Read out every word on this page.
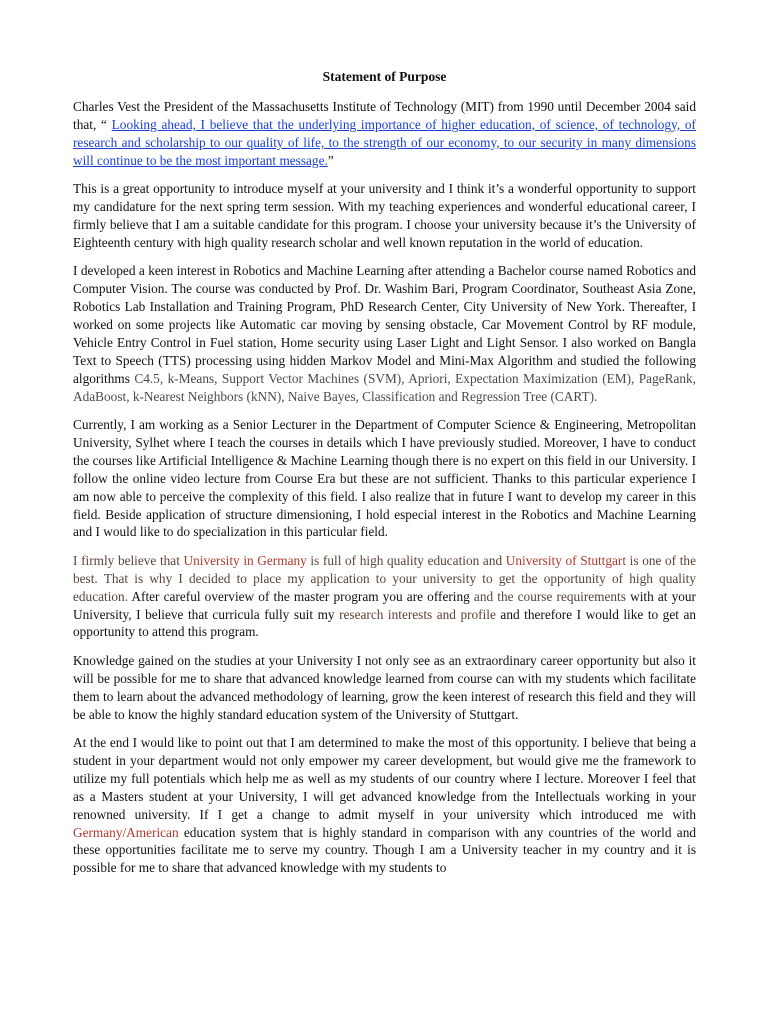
Statement of Purpose

Charles Vest the President of the Massachusetts Institute of Technology (MIT) from 1990 until December 2004 said that, “ Looking ahead, I believe that the underlying importance of higher education, of science, of technology, of research and scholarship to our quality of life, to the strength of our economy, to our security in many dimensions will continue to be the most important message.”

This is a great opportunity to introduce myself at your university and I think it’s a wonderful opportunity to support my candidature for the next spring term session. With my teaching experiences and wonderful educational career, I firmly believe that I am a suitable candidate for this program. I choose your university because it’s the University of Eighteenth century with high quality research scholar and well known reputation in the world of education.

I developed a keen interest in Robotics and Machine Learning after attending a Bachelor course named Robotics and Computer Vision. The course was conducted by Prof. Dr. Washim Bari, Program Coordinator, Southeast Asia Zone, Robotics Lab Installation and Training Program, PhD Research Center, City University of New York. Thereafter, I worked on some projects like Automatic car moving by sensing obstacle, Car Movement Control by RF module, Vehicle Entry Control in Fuel station, Home security using Laser Light and Light Sensor. I also worked on Bangla Text to Speech (TTS) processing using hidden Markov Model and Mini-Max Algorithm and studied the following algorithms C4.5, k-Means, Support Vector Machines (SVM), Apriori, Expectation Maximization (EM), PageRank, AdaBoost, k-Nearest Neighbors (kNN), Naive Bayes, Classification and Regression Tree (CART).

Currently, I am working as a Senior Lecturer in the Department of Computer Science & Engineering, Metropolitan University, Sylhet where I teach the courses in details which I have previously studied. Moreover, I have to conduct the courses like Artificial Intelligence & Machine Learning though there is no expert on this field in our University. I follow the online video lecture from Course Era but these are not sufficient. Thanks to this particular experience I am now able to perceive the complexity of this field. I also realize that in future I want to develop my career in this field. Beside application of structure dimensioning, I hold especial interest in the Robotics and Machine Learning and I would like to do specialization in this particular field.

I firmly believe that University in Germany is full of high quality education and University of Stuttgart is one of the best. That is why I decided to place my application to your university to get the opportunity of high quality education. After careful overview of the master program you are offering and the course requirements with at your University, I believe that curricula fully suit my research interests and profile and therefore I would like to get an opportunity to attend this program.

Knowledge gained on the studies at your University I not only see as an extraordinary career opportunity but also it will be possible for me to share that advanced knowledge learned from course can with my students which facilitate them to learn about the advanced methodology of learning, grow the keen interest of research this field and they will be able to know the highly standard education system of the University of Stuttgart.

At the end I would like to point out that I am determined to make the most of this opportunity. I believe that being a student in your department would not only empower my career development, but would give me the framework to utilize my full potentials which help me as well as my students of our country where I lecture. Moreover I feel that as a Masters student at your University, I will get advanced knowledge from the Intellectuals working in your renowned university. If I get a change to admit myself in your university which introduced me with Germany/American education system that is highly standard in comparison with any countries of the world and these opportunities facilitate me to serve my country. Though I am a University teacher in my country and it is possible for me to share that advanced knowledge with my students to
